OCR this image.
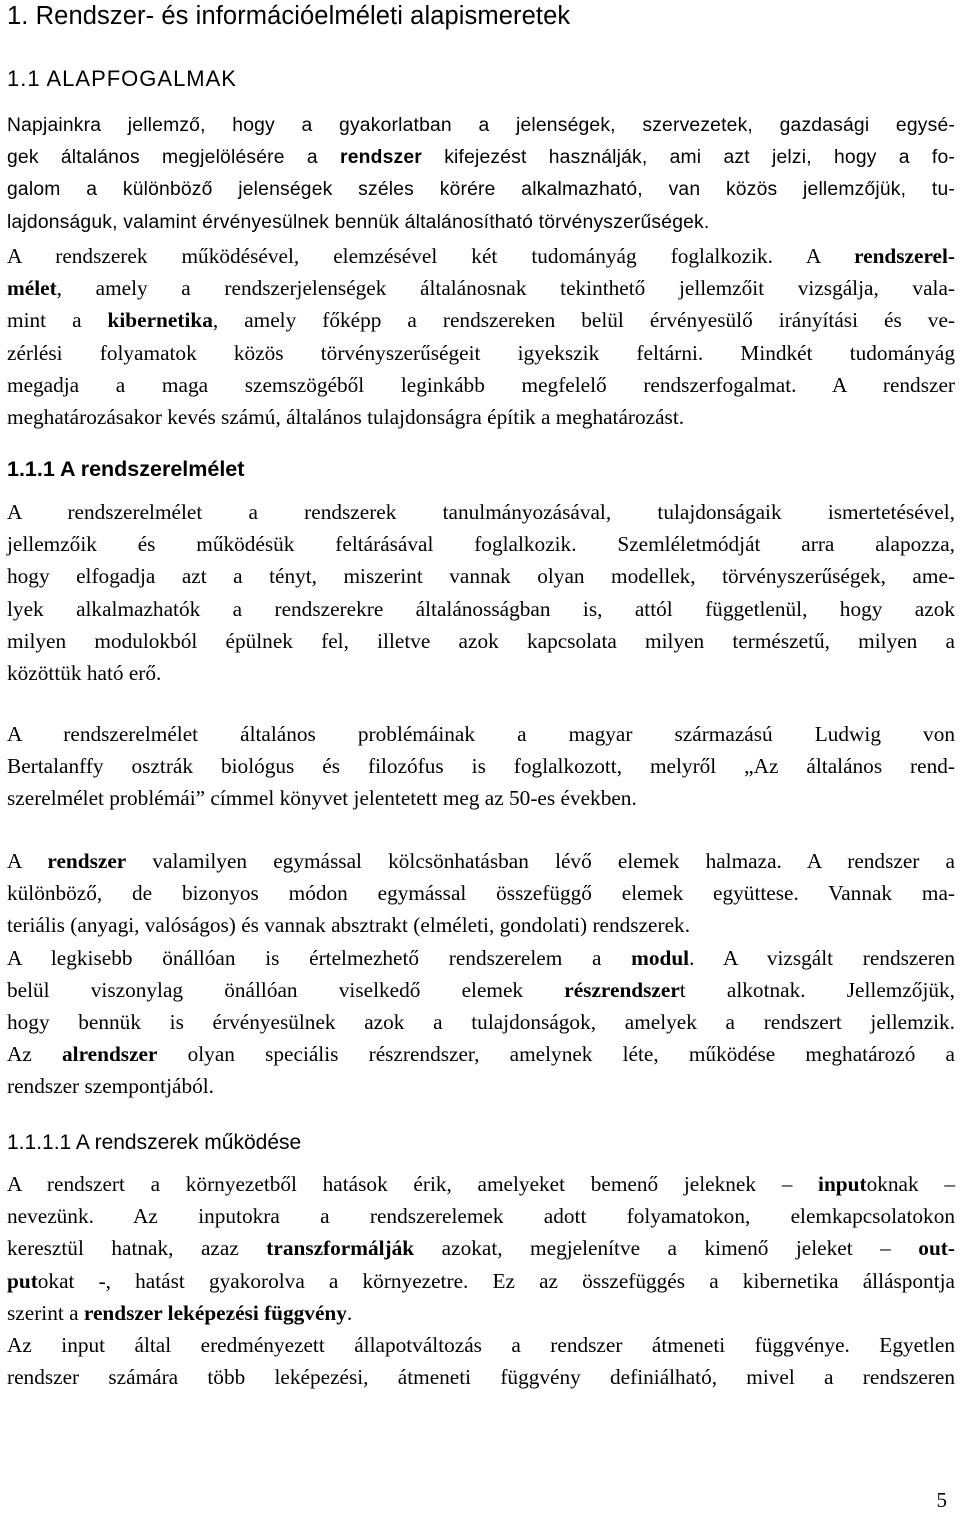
1. Rendszer- és információelméleti alapismeretek
1.1 ALAPFOGALMAK
Napjainkra jellemző, hogy a gyakorlatban a jelenségek, szervezetek, gazdasági egysé-
gek általános megjelölésére a rendszer kifejezést használják, ami azt jelzi, hogy a fo-
galom a különböző jelenségek széles körére alkalmazható, van közös jellemzőjük, tu-
lajdonságuk, valamint érvényesülnek bennük általánosítható törvényszerűségek.
A rendszerek működésével, elemzésével két tudományág foglalkozik. A rendszerel-
mélet, amely a rendszerjelenségek általánosnak tekinthető jellemzőit vizsgálja, vala-
mint a kibernetika, amely főképp a rendszereken belül érvényesülő irányítási és ve-
zérlési folyamatok közös törvényszerűségeit igyekszik feltárni. Mindkét tudományág
megadja a maga szemszögéből leginkább megfelelő rendszerfogalmat. A rendszer
meghatározásakor kevés számú, általános tulajdonságra építik a meghatározást.
1.1.1 A rendszerelmélet
A rendszerelmélet a rendszerek tanulmányozásával, tulajdonságaik ismertetésével,
jellemzőik és működésük feltárásával foglalkozik. Szemléletmódját arra alapozza,
hogy elfogadja azt a tényt, miszerint vannak olyan modellek, törvényszerűségek, ame-
lyek alkalmazhatók a rendszerekre általánosságban is, attól függetlenül, hogy azok
milyen modulokból épülnek fel, illetve azok kapcsolata milyen természetű, milyen a
közöttük ható erő.
A rendszerelmélet általános problémáinak a magyar származású Ludwig von
Bertalanffy osztrák biológus és filozófus is foglalkozott, melyről „Az általános rend-
szerelmélet problémái” címmel könyvet jelentetett meg az 50-es években.
A rendszer valamilyen egymással kölcsönhatásban lévő elemek halmaza. A rendszer a
különböző, de bizonyos módon egymással összefüggő elemek együttese. Vannak ma-
teriális (anyagi, valóságos) és vannak absztrakt (elméleti, gondolati) rendszerek.
A legkisebb önállóan is értelmezhető rendszerelem a modul. A vizsgált rendszeren
belül viszonylag önállóan viselkedő elemek részrendszert alkotnak. Jellemzőjük,
hogy bennük is érvényesülnek azok a tulajdonságok, amelyek a rendszert jellemzik.
Az alrendszer olyan speciális részrendszer, amelynek léte, működése meghatározó a
rendszer szempontjából.
1.1.1.1 A rendszerek működése
A rendszert a környezetből hatások érik, amelyeket bemenő jeleknek – inputoknak –
nevezünk. Az inputokra a rendszerelemek adott folyamatokon, elemkapcsolatokon
keresztül hatnak, azaz transzformálják azokat, megjelenítve a kimenő jeleket – out-
putokat -, hatást gyakorolva a környezetre. Ez az összefüggés a kibernetika álláspontja
szerint a rendszer leképezési függvény.
Az input által eredményezett állapotváltozás a rendszer átmeneti függvénye. Egyetlen
rendszer számára több leképezési, átmeneti függvény definiálható, mivel a rendszeren
5
